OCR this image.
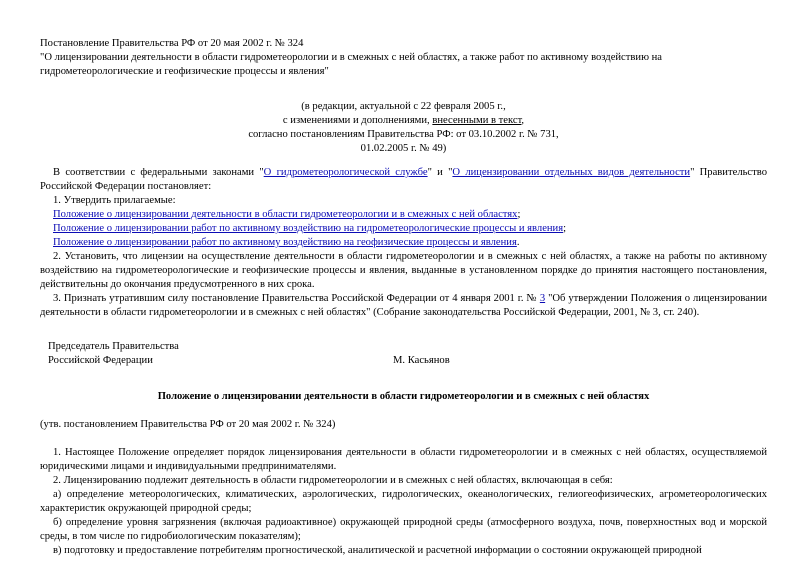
Постановление Правительства РФ от 20 мая 2002 г. № 324

"О лицензировании деятельности в области гидрометеорологии и в смежных с ней областях, а также работ по активному воздействию на гидрометеорологические и геофизические процессы и явления"

(в редакции, актуальной с 22 февраля 2005 г.,

с изменениями и дополнениями, внесенными в текст,

согласно постановлениям Правительства РФ: от 03.10.2002 г. № 731,

01.02.2005 г. № 49)

В соответствии с федеральными законами "О гидрометеорологической службе" и "О лицензировании отдельных видов деятельности" Правительство Российской Федерации постановляет:

1. Утвердить прилагаемые:

Положение о лицензировании деятельности в области гидрометеорологии и в смежных с ней областях;

Положение о лицензировании работ по активному воздействию на гидрометеорологические процессы и явления;

Положение о лицензировании работ по активному воздействию на геофизические процессы и явления.

2. Установить, что лицензии на осуществление деятельности в области гидрометеорологии и в смежных с ней областях, а также на работы по активному воздействию на гидрометеорологические и геофизические процессы и явления, выданные в установленном порядке до принятия настоящего постановления, действительны до окончания предусмотренного в них срока.

3. Признать утратившим силу постановление Правительства Российской Федерации от 4 января 2001 г. № 3 "Об утверждении Положения о лицензировании деятельности в области гидрометеорологии и в смежных с ней областях" (Собрание законодательства Российской Федерации, 2001, № 3, ст. 240).

Председатель Правительства

Российской Федерации	М. Касьянов

Положение о лицензировании деятельности в области гидрометеорологии и в смежных с ней областях

(утв. постановлением Правительства РФ от 20 мая 2002 г. № 324)

1. Настоящее Положение определяет порядок лицензирования деятельности в области гидрометеорологии и в смежных с ней областях, осуществляемой юридическими лицами и индивидуальными предпринимателями.

2. Лицензированию подлежит деятельность в области гидрометеорологии и в смежных с ней областях, включающая в себя:

а) определение метеорологических, климатических, аэрологических, гидрологических, океанологических, гелиогеофизических, агрометеорологических характеристик окружающей природной среды;

б) определение уровня загрязнения (включая радиоактивное) окружающей природной среды (атмосферного воздуха, почв, поверхностных вод и морской среды, в том числе по гидробиологическим показателям);

в) подготовку и предоставление потребителям прогностической, аналитической и расчетной информации о состоянии окружающей природной
